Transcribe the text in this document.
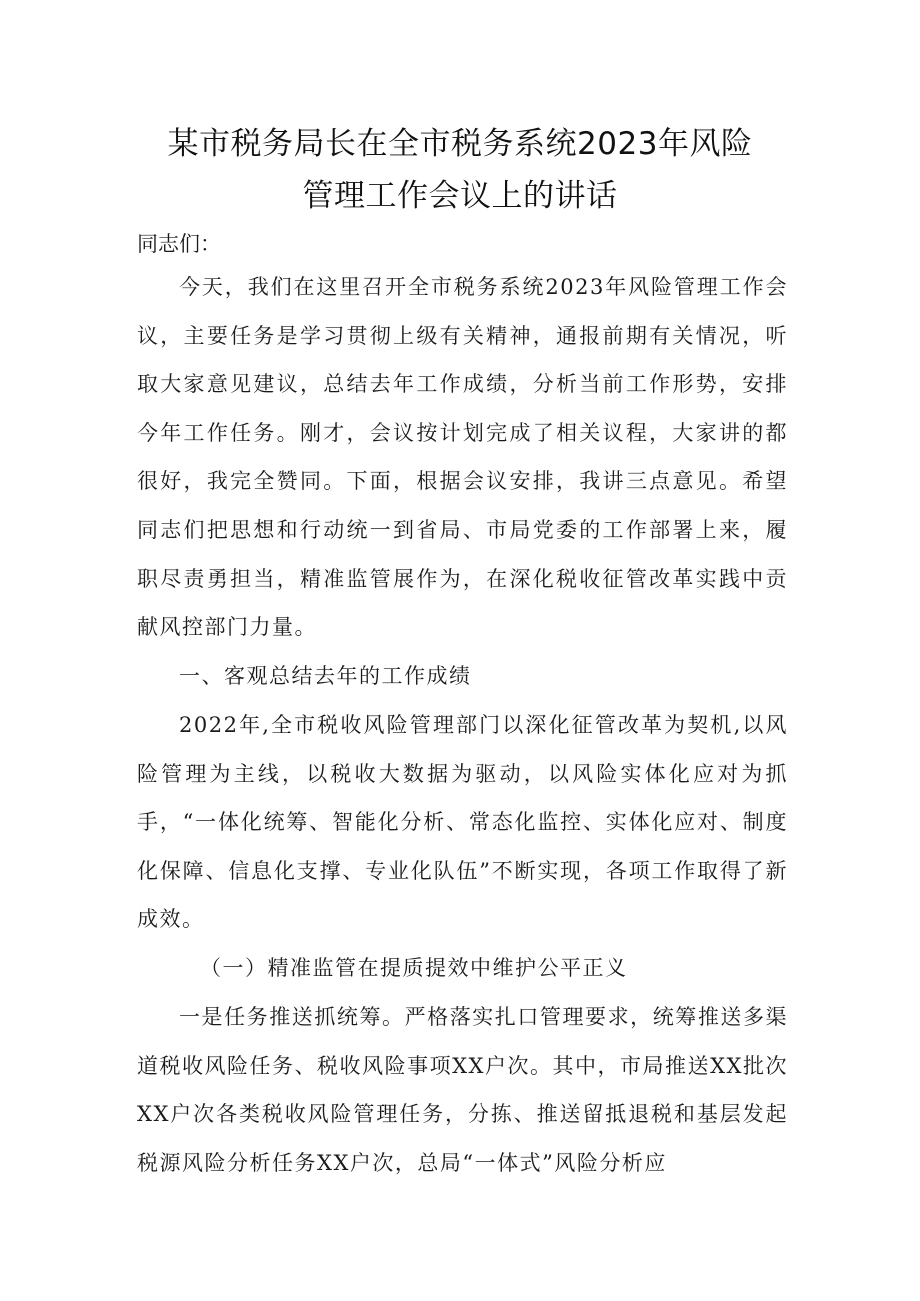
某市税务局长在全市税务系统2023年风险
管理工作会议上的讲话
同志们：
今天，我们在这里召开全市税务系统2023年风险管理工作会议，主要任务是学习贯彻上级有关精神，通报前期有关情况，听取大家意见建议，总结去年工作成绩，分析当前工作形势，安排今年工作任务。刚才，会议按计划完成了相关议程，大家讲的都很好，我完全赞同。下面，根据会议安排，我讲三点意见。希望同志们把思想和行动统一到省局、市局党委的工作部署上来，履职尽责勇担当，精准监管展作为，在深化税收征管改革实践中贡献风控部门力量。
一、客观总结去年的工作成绩
2022年,全市税收风险管理部门以深化征管改革为契机,以风险管理为主线，以税收大数据为驱动，以风险实体化应对为抓手，“一体化统筹、智能化分析、常态化监控、实体化应对、制度化保障、信息化支撑、专业化队伍”不断实现，各项工作取得了新成效。
（一）精准监管在提质提效中维护公平正义
一是任务推送抓统筹。严格落实扎口管理要求，统筹推送多渠道税收风险任务、税收风险事项XX户次。其中，市局推送XX批次XX户次各类税收风险管理任务，分拣、推送留抵退税和基层发起税源风险分析任务XX户次，总局“一体式”风险分析应
